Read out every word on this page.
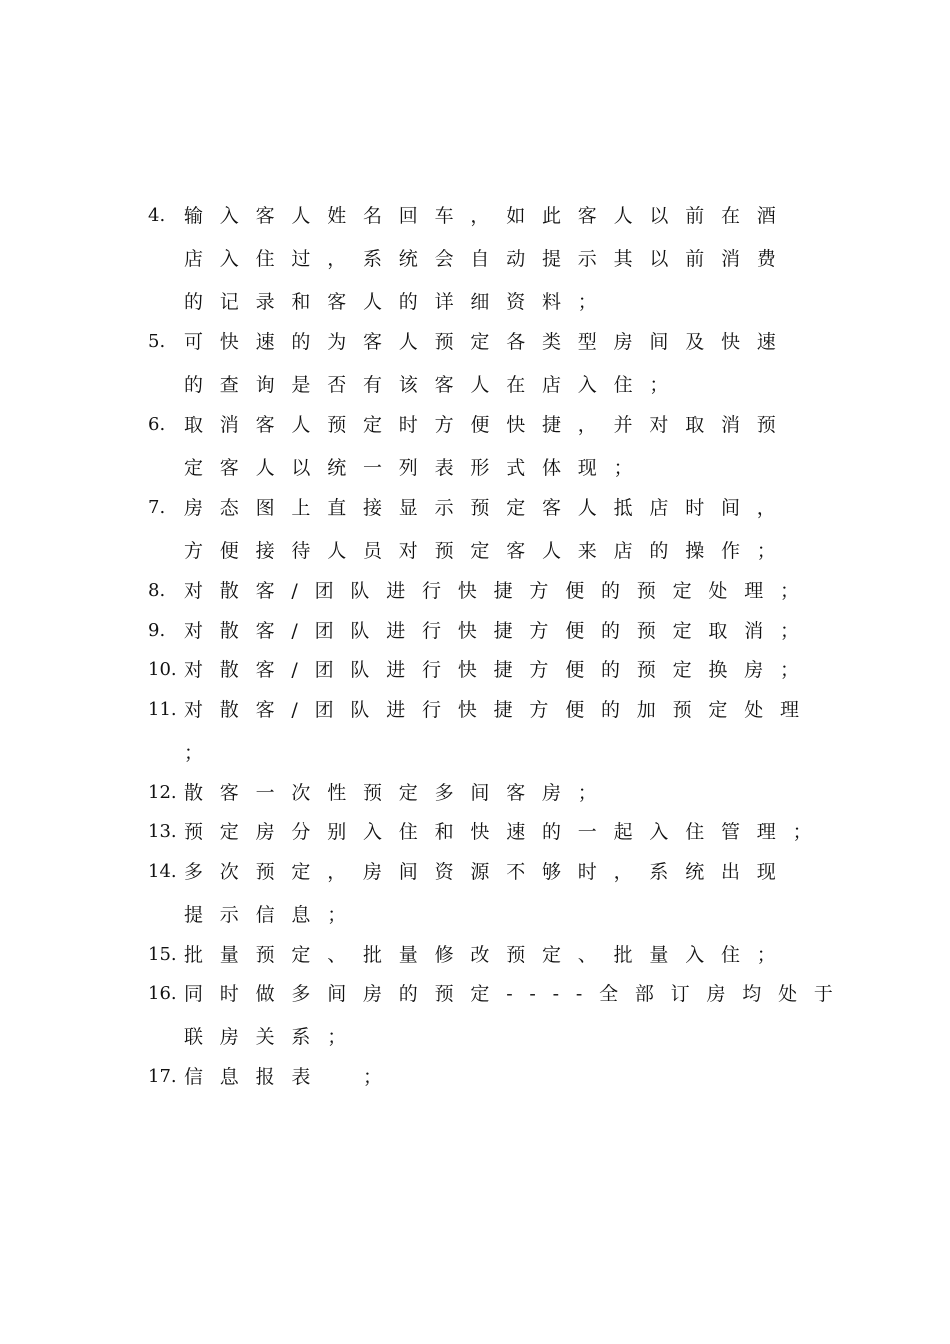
4. 输入客人姓名回车，如此客人以前在酒
店入住过，系统会自动提示其以前消费
的记录和客人的详细资料；
5. 可快速的为客人预定各类型房间及快速
的查询是否有该客人在店入住；
6. 取消客人预定时方便快捷，并对取消预
定客人以统一列表形式体现；
7. 房态图上直接显示预定客人抵店时间，
方便接待人员对预定客人来店的操作；
8. 对散客/团队进行快捷方便的预定处理；
9. 对散客/团队进行快捷方便的预定取消；
10. 对散客/团队进行快捷方便的预定换房；
11. 对散客/团队进行快捷方便的加预定处理
；
12. 散客一次性预定多间客房；
13. 预定房分别入住和快速的一起入住管理；
14. 多次预定，房间资源不够时，系统出现
提示信息；
15. 批量预定、批量修改预定、批量入住；
16. 同时做多间房的预定----全部订房均处于
联房关系；
17. 信息报表　；
